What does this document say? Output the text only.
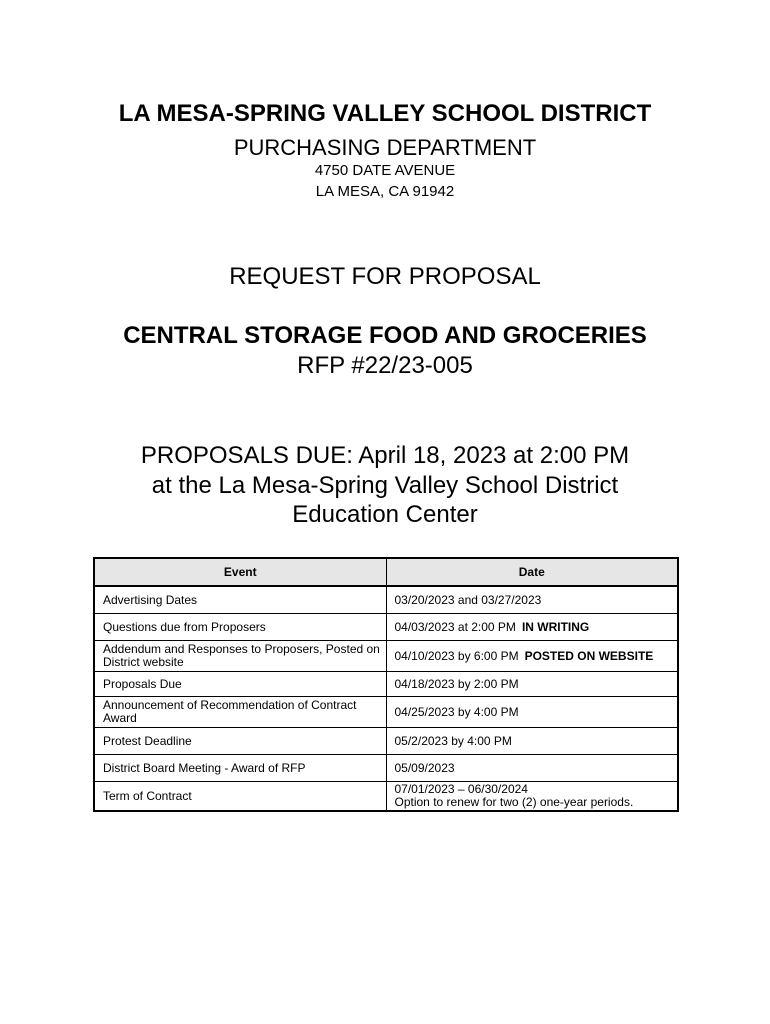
LA MESA-SPRING VALLEY SCHOOL DISTRICT
PURCHASING DEPARTMENT
4750 DATE AVENUE
LA MESA, CA 91942
REQUEST FOR PROPOSAL
CENTRAL STORAGE FOOD AND GROCERIES
RFP #22/23-005
PROPOSALS DUE: April 18, 2023 at 2:00 PM
at the La Mesa-Spring Valley School District
Education Center
Event	Date
Advertising Dates	03/20/2023 and 03/27/2023
Questions due from Proposers	04/03/2023 at 2:00 PM IN WRITING
Addendum and Responses to Proposers, Posted on District website	04/10/2023 by 6:00 PM POSTED ON WEBSITE
Proposals Due	04/18/2023 by 2:00 PM
Announcement of Recommendation of Contract Award	04/25/2023 by 4:00 PM
Protest Deadline	05/2/2023 by 4:00 PM
District Board Meeting - Award of RFP	05/09/2023
Term of Contract	07/01/2023 – 06/30/2024
Option to renew for two (2) one-year periods.
